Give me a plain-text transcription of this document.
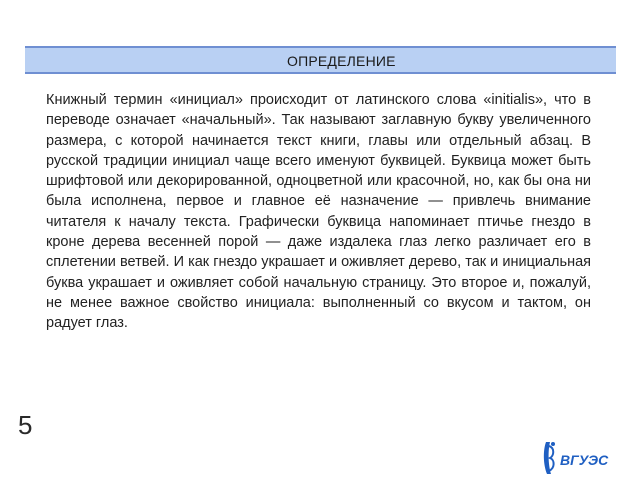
ОПРЕДЕЛЕНИЕ

Книжный термин «инициал» происходит от латинского слова «initialis», что в переводе означает «начальный». Так называют заглавную букву увеличенного размера, с которой начинается текст книги, главы или отдельный абзац. В русской традиции инициал чаще всего именуют буквицей. Буквица может быть шрифтовой или декорированной, одноцветной или красочной, но, как бы она ни была исполнена, первое и главное её назначение — привлечь внимание читателя к началу текста. Графически буквица напоминает птичье гнездо в кроне дерева весенней порой — даже издалека глаз легко различает его в сплетении ветвей. И как гнездо украшает и оживляет дерево, так и инициальная буква украшает и оживляет собой начальную страницу. Это второе и, пожалуй, не менее важное свойство инициала: выполненный со вкусом и тактом, он радует глаз.

5
ВГУЭС
